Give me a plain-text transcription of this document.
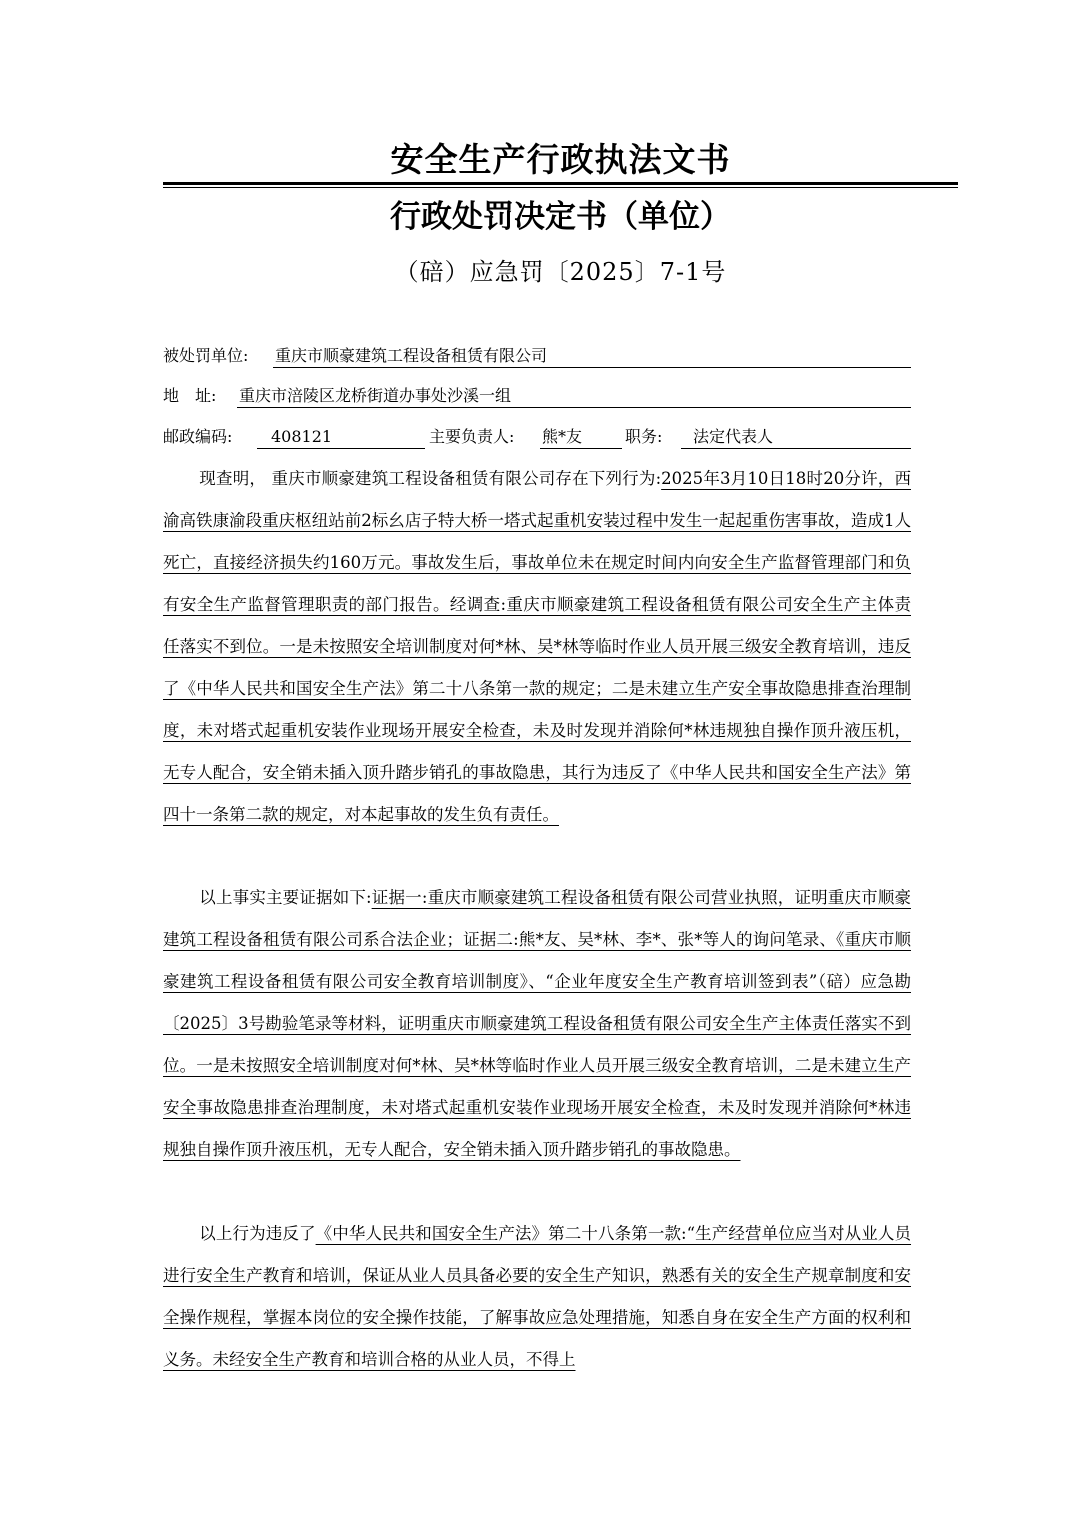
安全生产行政执法文书
行政处罚决定书（单位）
（碚）应急罚〔2025〕7-1号
被处罚单位: 重庆市顺豪建筑工程设备租赁有限公司
地　址: 重庆市涪陵区龙桥街道办事处沙溪一组
邮政编码:	408121	主要负责人: 熊*友	职务:	法定代表人

现查明， 重庆市顺豪建筑工程设备租赁有限公司存在下列行为:2025年3月10日18时20分许，西渝高铁康渝段重庆枢纽站前2标幺店子特大桥一塔式起重机安装过程中发生一起起重伤害事故，造成1人死亡，直接经济损失约160万元。事故发生后，事故单位未在规定时间内向安全生产监督管理部门和负有安全生产监督管理职责的部门报告。经调查:重庆市顺豪建筑工程设备租赁有限公司安全生产主体责任落实不到位。一是未按照安全培训制度对何*林、吴*林等临时作业人员开展三级安全教育培训，违反了《中华人民共和国安全生产法》第二十八条第一款的规定；二是未建立生产安全事故隐患排查治理制度，未对塔式起重机安装作业现场开展安全检查，未及时发现并消除何*林违规独自操作顶升液压机，无专人配合，安全销未插入顶升踏步销孔的事故隐患，其行为违反了《中华人民共和国安全生产法》第四十一条第二款的规定，对本起事故的发生负有责任。

以上事实主要证据如下:证据一:重庆市顺豪建筑工程设备租赁有限公司营业执照，证明重庆市顺豪建筑工程设备租赁有限公司系合法企业；证据二:熊*友、吴*林、李*、张*等人的询问笔录、《重庆市顺豪建筑工程设备租赁有限公司安全教育培训制度》、“企业年度安全生产教育培训签到表”（碚）应急勘〔2025〕3号勘验笔录等材料，证明重庆市顺豪建筑工程设备租赁有限公司安全生产主体责任落实不到位。一是未按照安全培训制度对何*林、吴*林等临时作业人员开展三级安全教育培训，二是未建立生产安全事故隐患排查治理制度，未对塔式起重机安装作业现场开展安全检查，未及时发现并消除何*林违规独自操作顶升液压机，无专人配合，安全销未插入顶升踏步销孔的事故隐患。

以上行为违反了《中华人民共和国安全生产法》第二十八条第一款:“生产经营单位应当对从业人员进行安全生产教育和培训，保证从业人员具备必要的安全生产知识，熟悉有关的安全生产规章制度和安全操作规程，掌握本岗位的安全操作技能，了解事故应急处理措施，知悉自身在安全生产方面的权利和义务。未经安全生产教育和培训合格的从业人员，不得上
